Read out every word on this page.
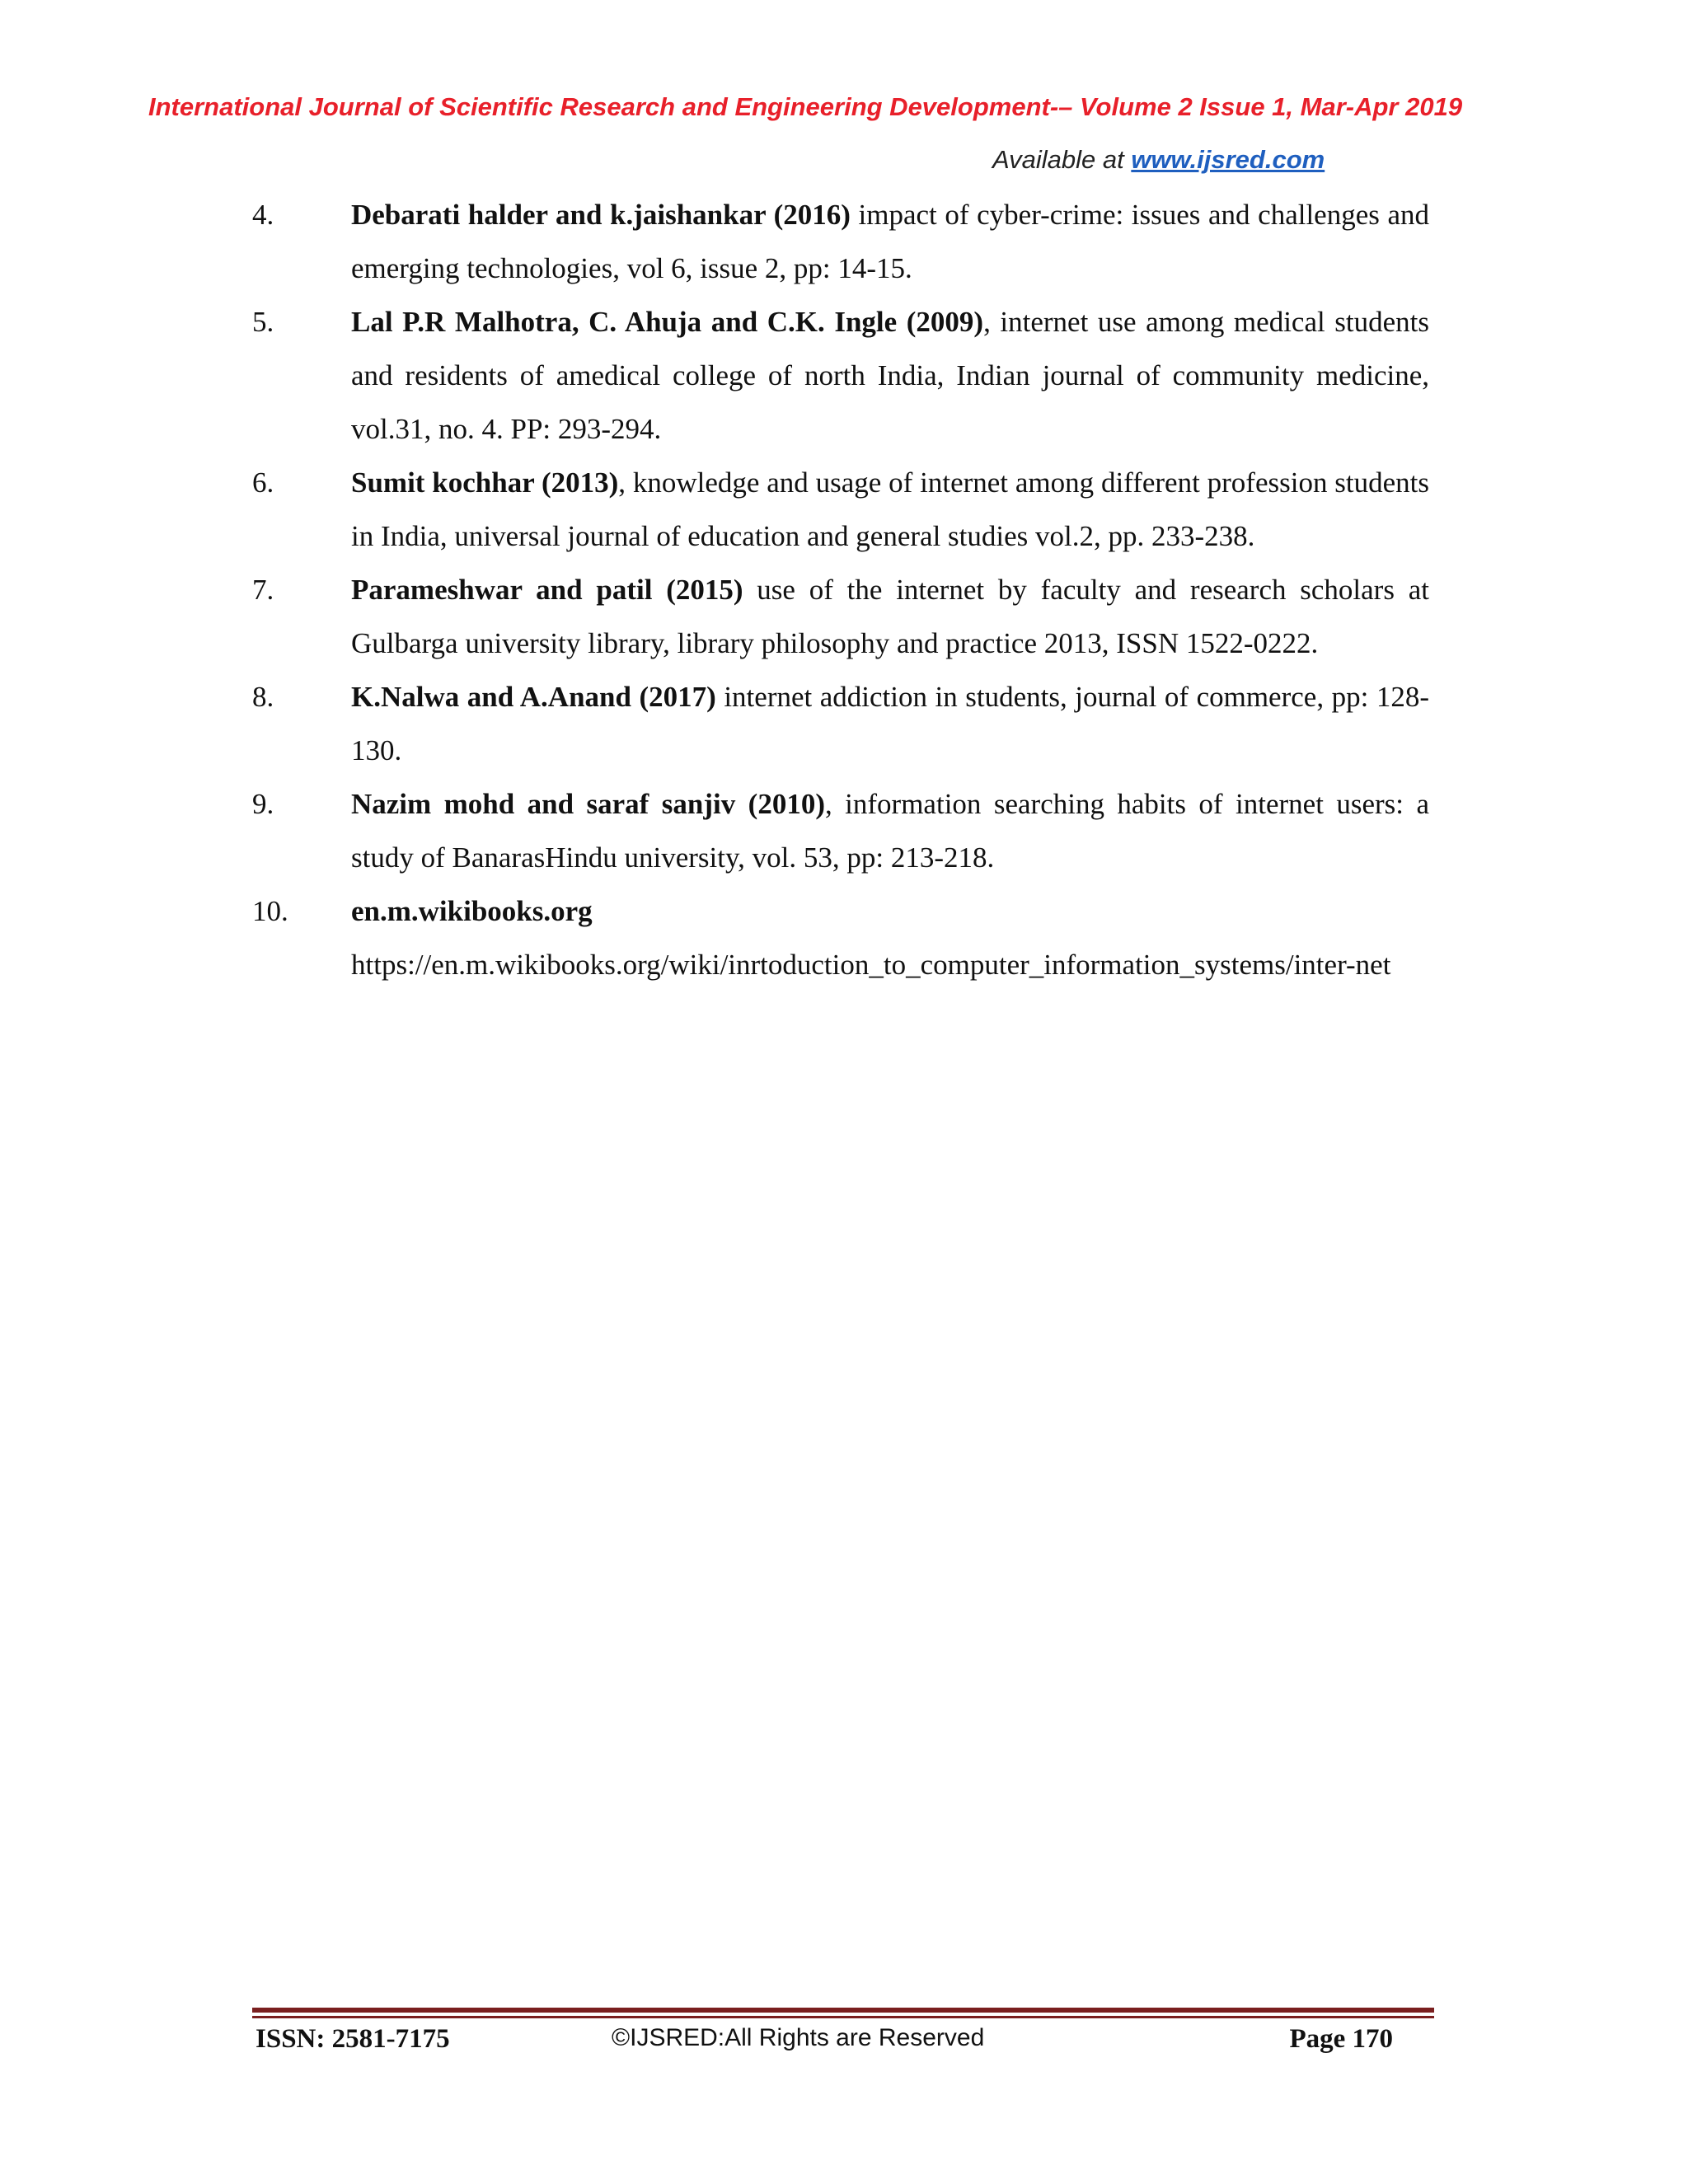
International Journal of Scientific Research and Engineering Development-– Volume 2 Issue 1, Mar-Apr 2019
Available at www.ijsred.com
4.	Debarati halder and k.jaishankar (2016) impact of cyber-crime: issues and challenges and emerging technologies, vol 6, issue 2, pp: 14-15.
5.	Lal P.R Malhotra, C. Ahuja and C.K. Ingle (2009), internet use among medical students and residents of amedical college of north India, Indian journal of community medicine, vol.31, no. 4. PP: 293-294.
6.	Sumit kochhar (2013), knowledge and usage of internet among different profession students in India, universal journal of education and general studies vol.2, pp. 233-238.
7.	Parameshwar and patil (2015) use of the internet by faculty and research scholars at Gulbarga university library, library philosophy and practice 2013, ISSN 1522-0222.
8.	K.Nalwa and A.Anand (2017) internet addiction in students, journal of commerce, pp: 128-130.
9.	Nazim mohd and saraf sanjiv (2010), information searching habits of internet users: a study of BanarasHindu university, vol. 53, pp: 213-218.
10.	en.m.wikibooks.org
https://en.m.wikibooks.org/wiki/inrtoduction_to_computer_information_systems/inter-net
ISSN: 2581-7175	©IJSRED:All Rights are Reserved	Page 170
